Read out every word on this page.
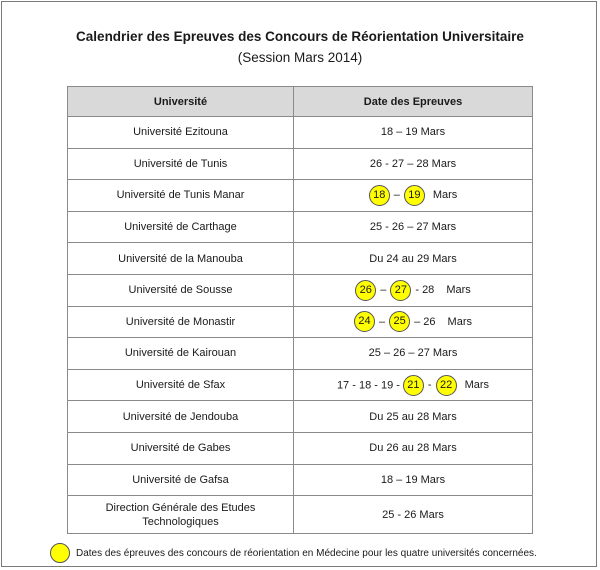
Calendrier des Epreuves des Concours de Réorientation Universitaire
(Session Mars 2014)
Université	Date des Epreuves
Université Ezitouna	18 – 19 Mars
Université de Tunis	26 - 27 – 28 Mars
Université de Tunis Manar	18 – 19 Mars
Université de Carthage	25 - 26 – 27 Mars
Université de la Manouba	Du 24 au 29 Mars
Université de Sousse	26 – 27 - 28 Mars
Université de Monastir	24 – 25 – 26 Mars
Université de Kairouan	25 – 26 – 27 Mars
Université de Sfax	17 - 18 - 19 - 21 - 22 Mars
Université de Jendouba	Du 25 au 28 Mars
Université de Gabes	Du 26 au 28 Mars
Université de Gafsa	18 – 19 Mars
Direction Générale des Etudes Technologiques	25 - 26 Mars
Dates des épreuves des concours de réorientation en Médecine pour les quatre universités concernées.
